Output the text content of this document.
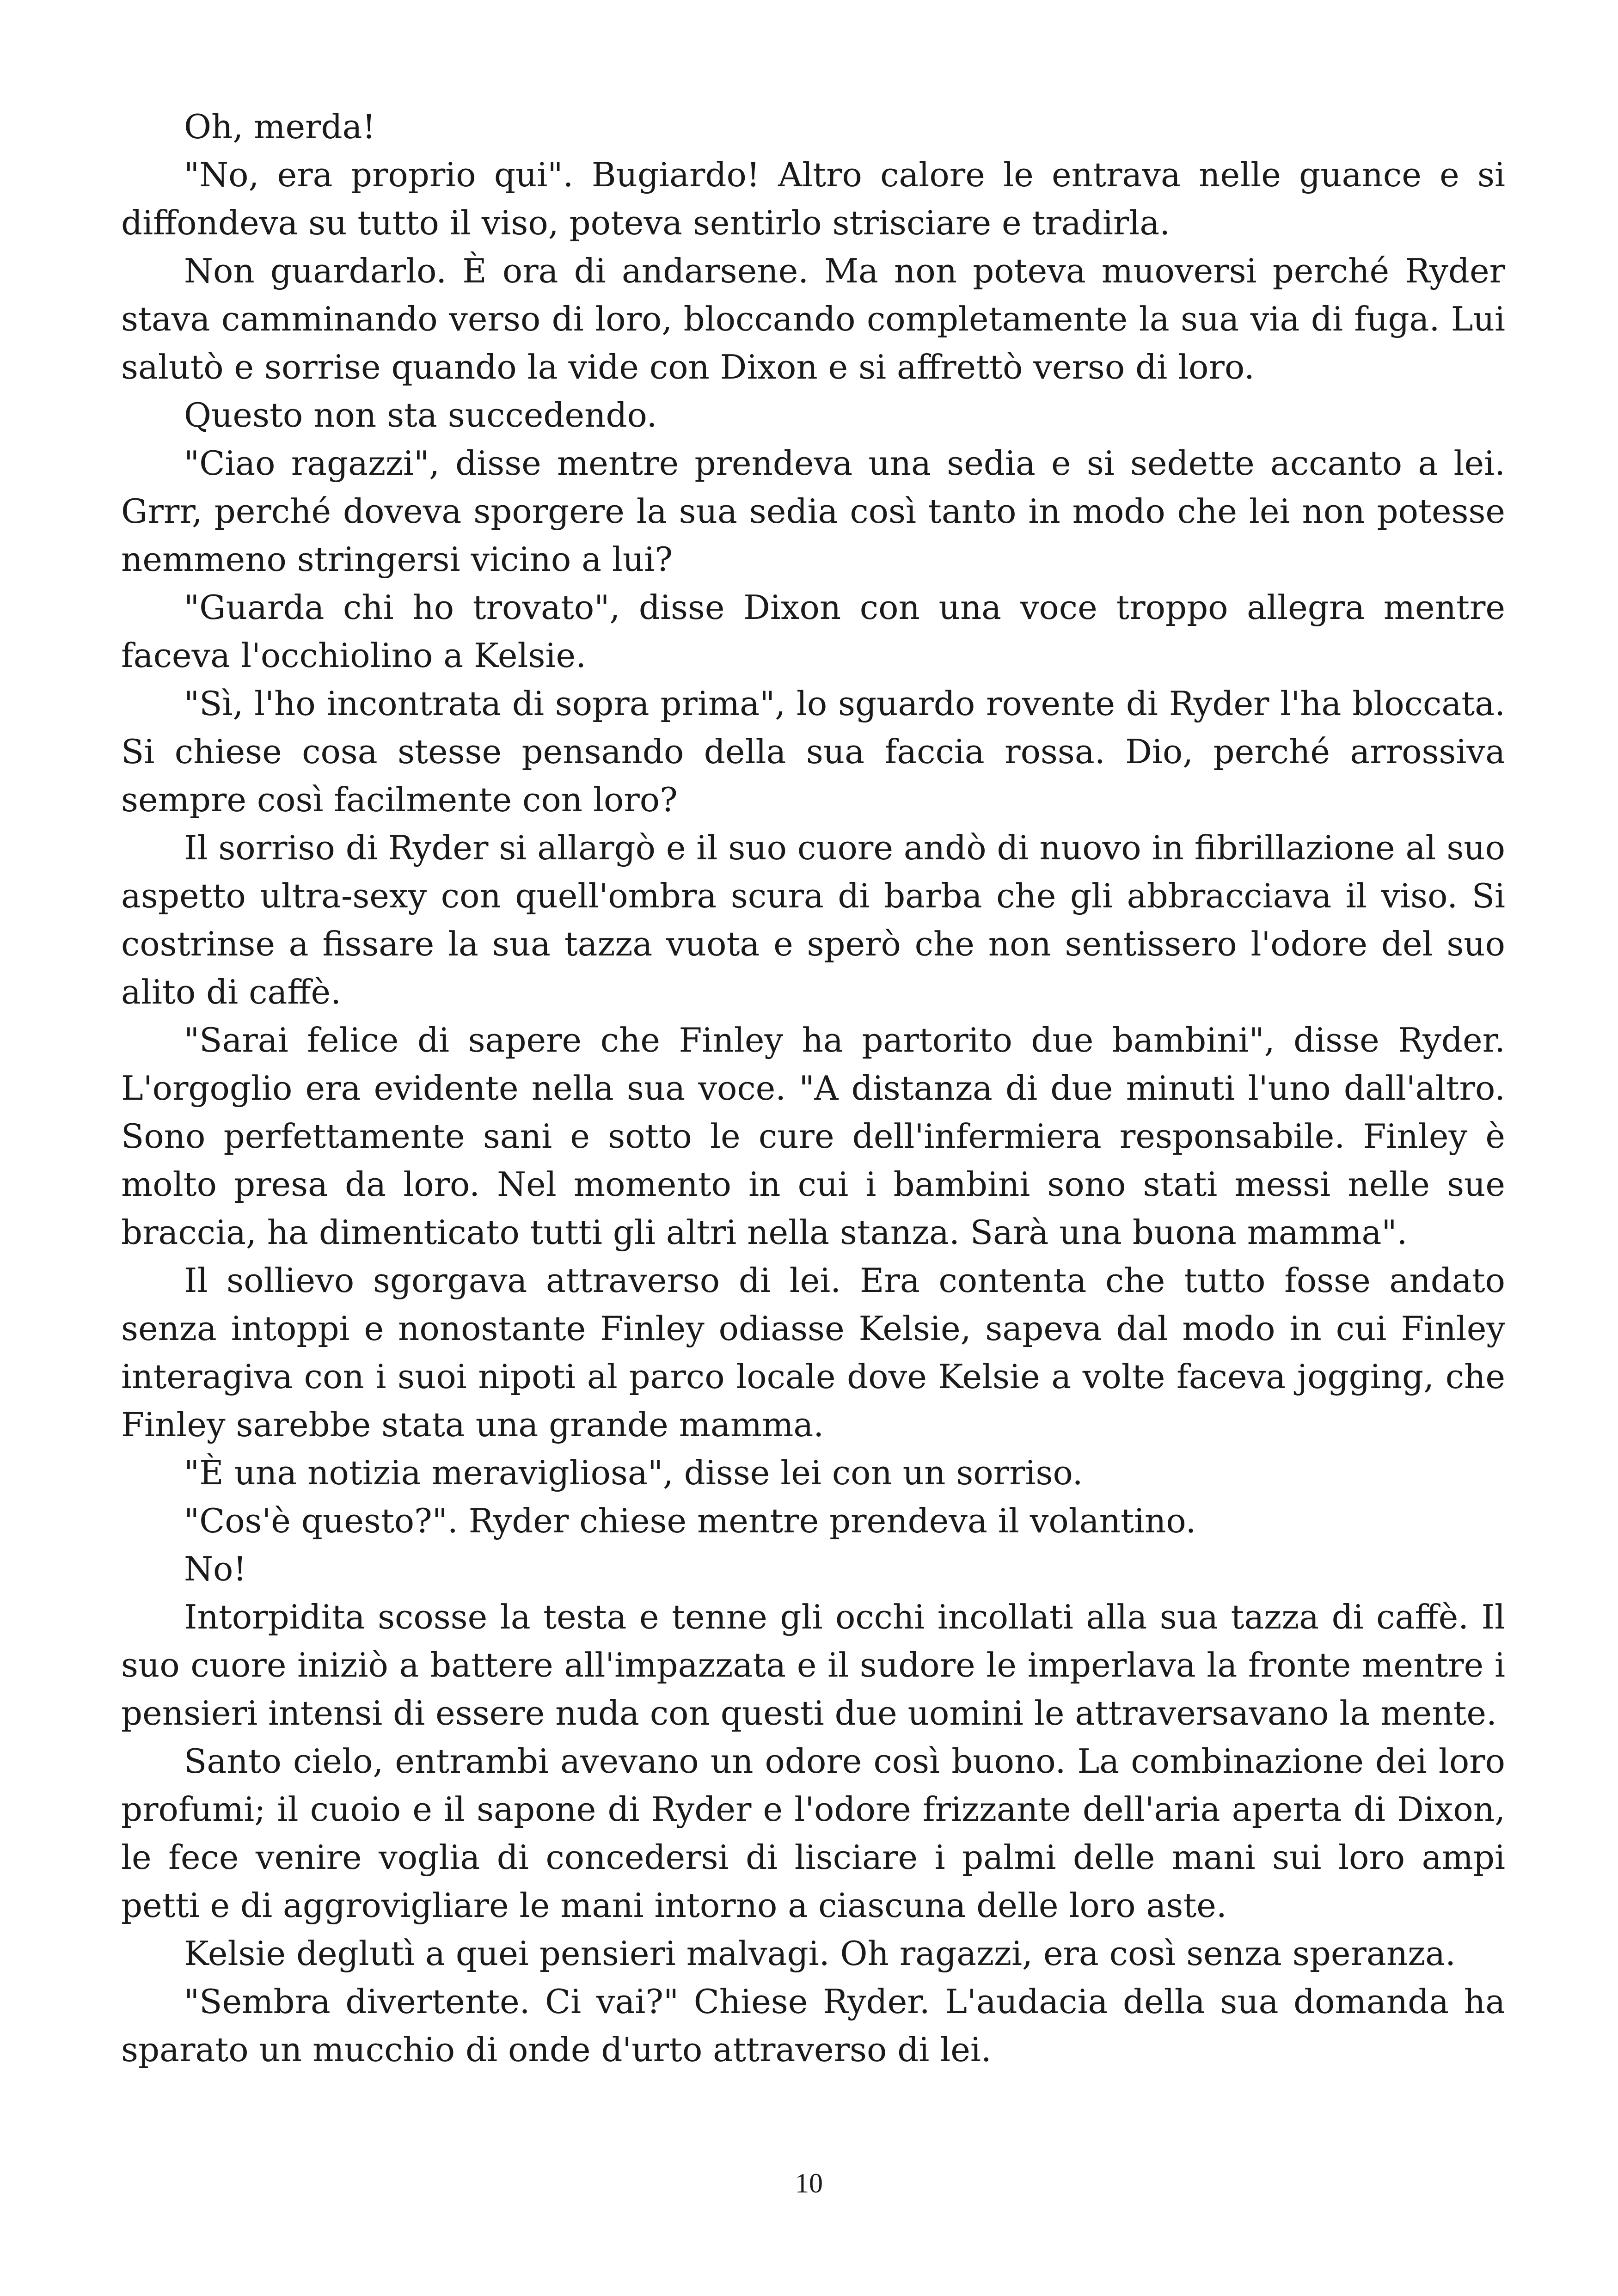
Oh, merda!

"No, era proprio qui". Bugiardo! Altro calore le entrava nelle guance e si diffondeva su tutto il viso, poteva sentirlo strisciare e tradirla.

Non guardarlo. È ora di andarsene. Ma non poteva muoversi perché Ryder stava camminando verso di loro, bloccando completamente la sua via di fuga. Lui salutò e sorrise quando la vide con Dixon e si affrettò verso di loro.

Questo non sta succedendo.

"Ciao ragazzi", disse mentre prendeva una sedia e si sedette accanto a lei. Grrr, perché doveva sporgere la sua sedia così tanto in modo che lei non potesse nemmeno stringersi vicino a lui?

"Guarda chi ho trovato", disse Dixon con una voce troppo allegra mentre faceva l'occhiolino a Kelsie.

"Sì, l'ho incontrata di sopra prima", lo sguardo rovente di Ryder l'ha bloccata. Si chiese cosa stesse pensando della sua faccia rossa. Dio, perché arrossiva sempre così facilmente con loro?

Il sorriso di Ryder si allargò e il suo cuore andò di nuovo in fibrillazione al suo aspetto ultra-sexy con quell'ombra scura di barba che gli abbracciava il viso. Si costrinse a fissare la sua tazza vuota e sperò che non sentissero l'odore del suo alito di caffè.

"Sarai felice di sapere che Finley ha partorito due bambini", disse Ryder. L'orgoglio era evidente nella sua voce. "A distanza di due minuti l'uno dall'altro. Sono perfettamente sani e sotto le cure dell'infermiera responsabile. Finley è molto presa da loro. Nel momento in cui i bambini sono stati messi nelle sue braccia, ha dimenticato tutti gli altri nella stanza. Sarà una buona mamma".

Il sollievo sgorgava attraverso di lei. Era contenta che tutto fosse andato senza intoppi e nonostante Finley odiasse Kelsie, sapeva dal modo in cui Finley interagiva con i suoi nipoti al parco locale dove Kelsie a volte faceva jogging, che Finley sarebbe stata una grande mamma.

"È una notizia meravigliosa", disse lei con un sorriso.

"Cos'è questo?". Ryder chiese mentre prendeva il volantino.

No!

Intorpidita scosse la testa e tenne gli occhi incollati alla sua tazza di caffè. Il suo cuore iniziò a battere all'impazzata e il sudore le imperlava la fronte mentre i pensieri intensi di essere nuda con questi due uomini le attraversavano la mente.

Santo cielo, entrambi avevano un odore così buono. La combinazione dei loro profumi; il cuoio e il sapone di Ryder e l'odore frizzante dell'aria aperta di Dixon, le fece venire voglia di concedersi di lisciare i palmi delle mani sui loro ampi petti e di aggrovigliare le mani intorno a ciascuna delle loro aste.

Kelsie deglutì a quei pensieri malvagi. Oh ragazzi, era così senza speranza.

"Sembra divertente. Ci vai?" Chiese Ryder. L'audacia della sua domanda ha sparato un mucchio di onde d'urto attraverso di lei.

10
